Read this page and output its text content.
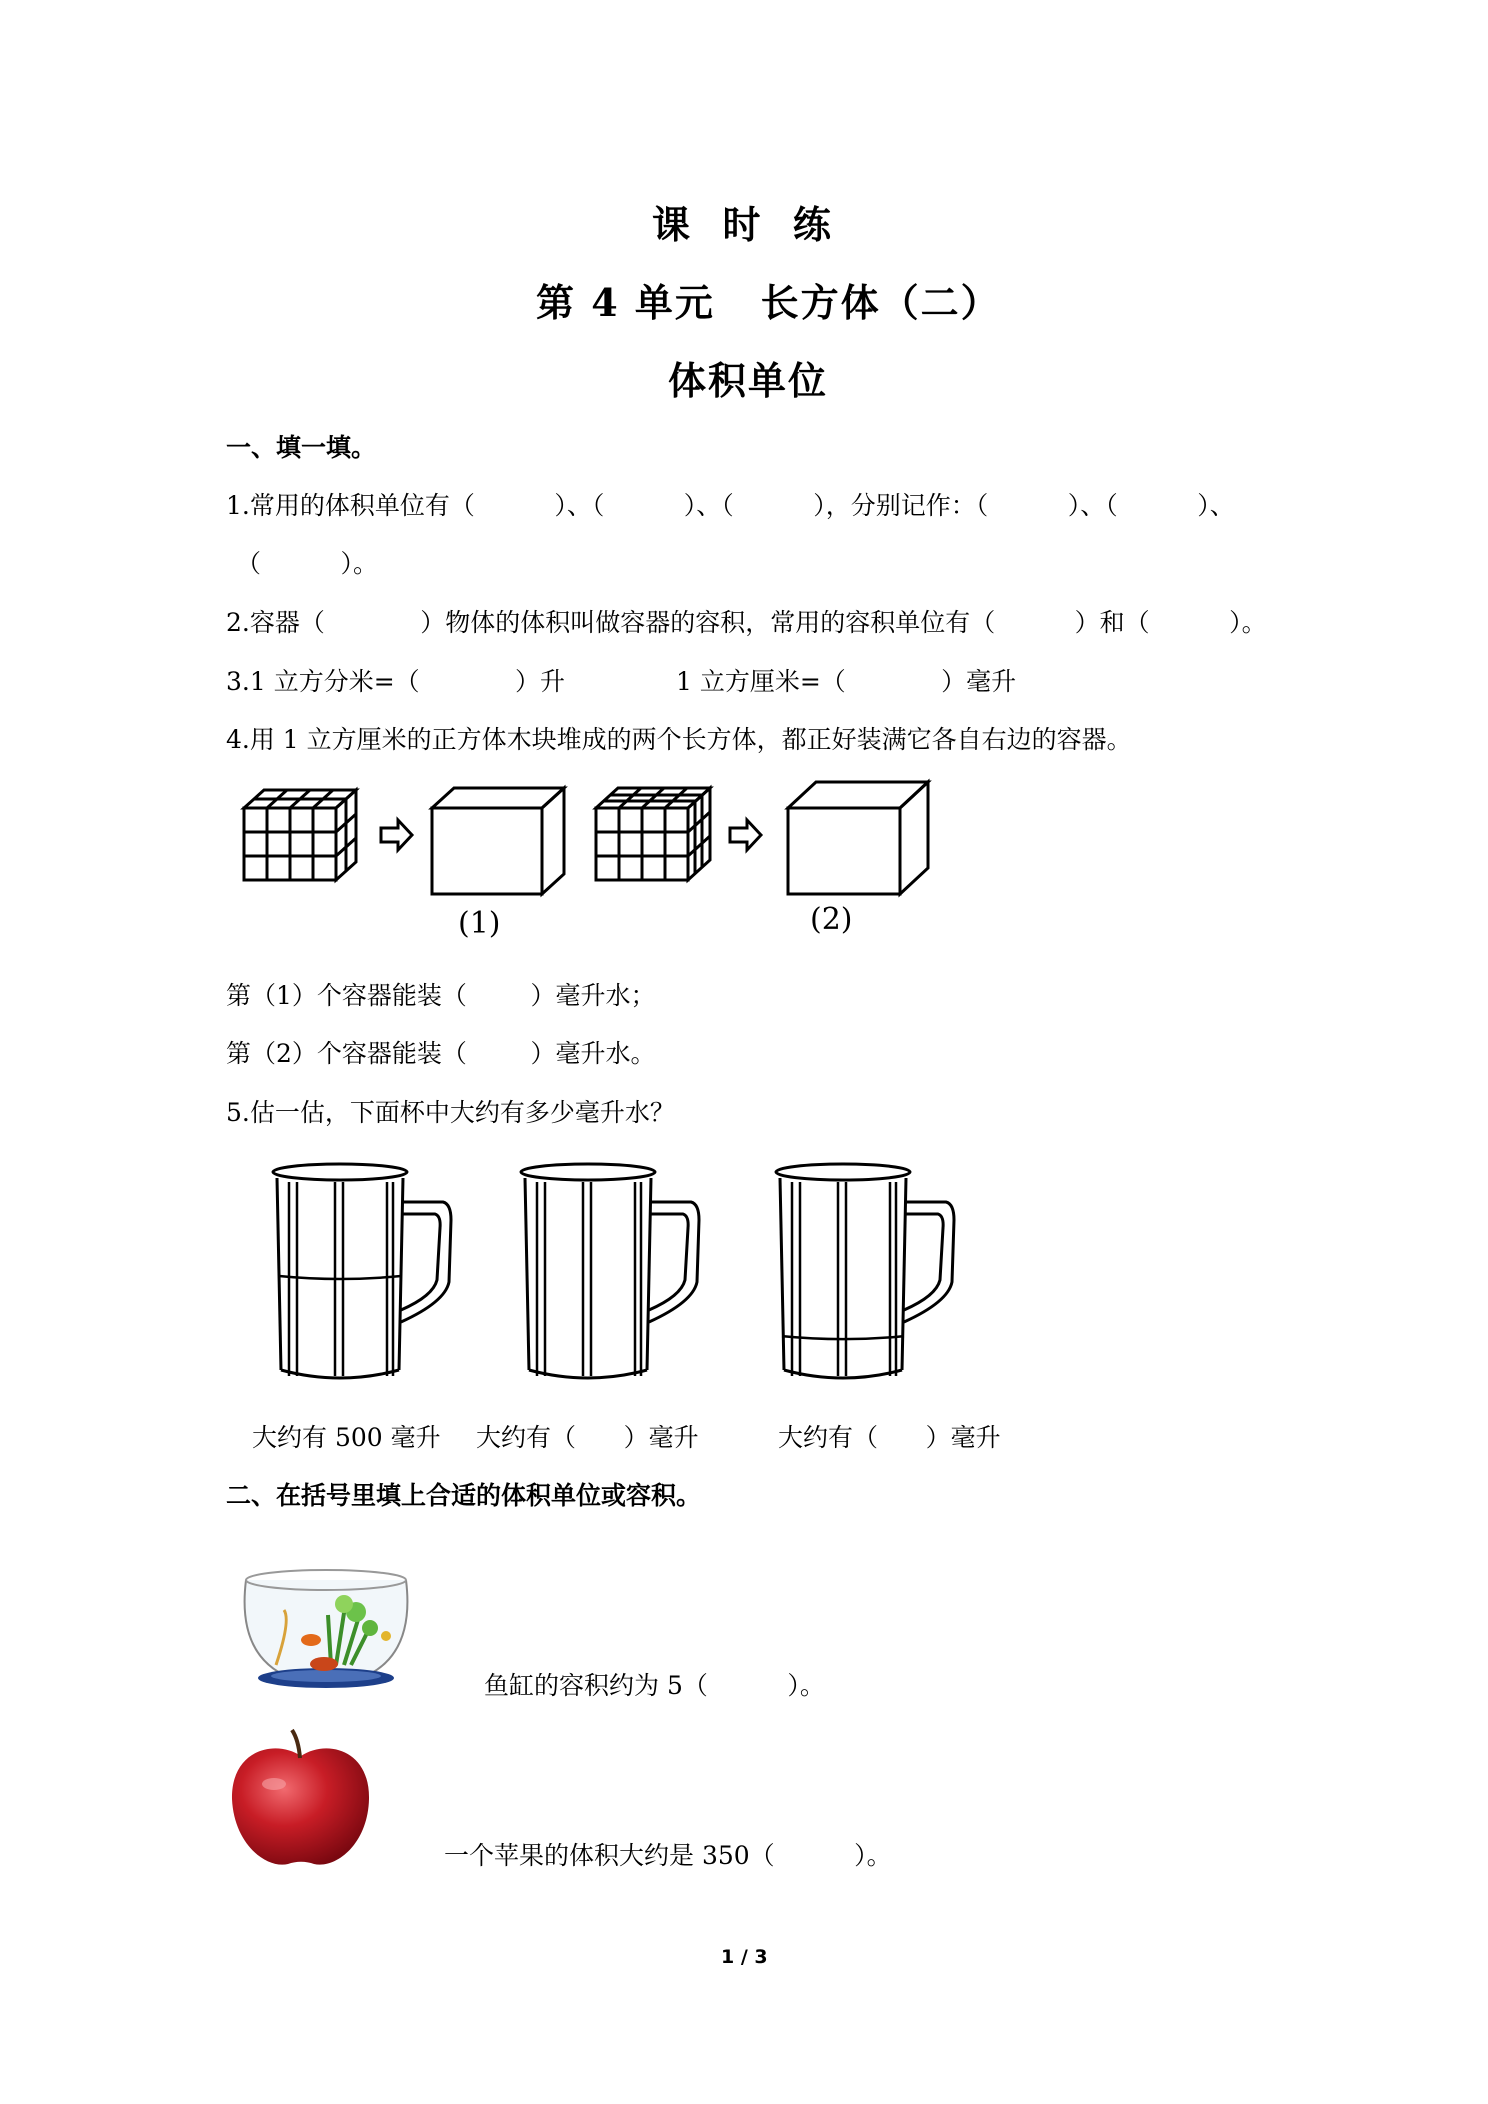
课  时  练
第 4 单元   长方体（二）
体积单位
一、填一填。
1.常用的体积单位有（          ）、（          ）、（          ），分别记作：（          ）、（          ）、
（          ）。
2.容器（            ）物体的体积叫做容器的容积，常用的容积单位有（          ）和（          ）。
3.1 立方分米=（            ）升	1 立方厘米=（            ）毫升
4.用 1 立方厘米的正方体木块堆成的两个长方体，都正好装满它各自右边的容器。
(1)	(2)
第（1）个容器能装（        ）毫升水；
第（2）个容器能装（        ）毫升水。
5.估一估，下面杯中大约有多少毫升水？
大约有 500 毫升 大约有（      ）毫升	大约有（      ）毫升
二、在括号里填上合适的体积单位或容积。
鱼缸的容积约为 5（          ）。
一个苹果的体积大约是 350（          ）。
1 / 3
